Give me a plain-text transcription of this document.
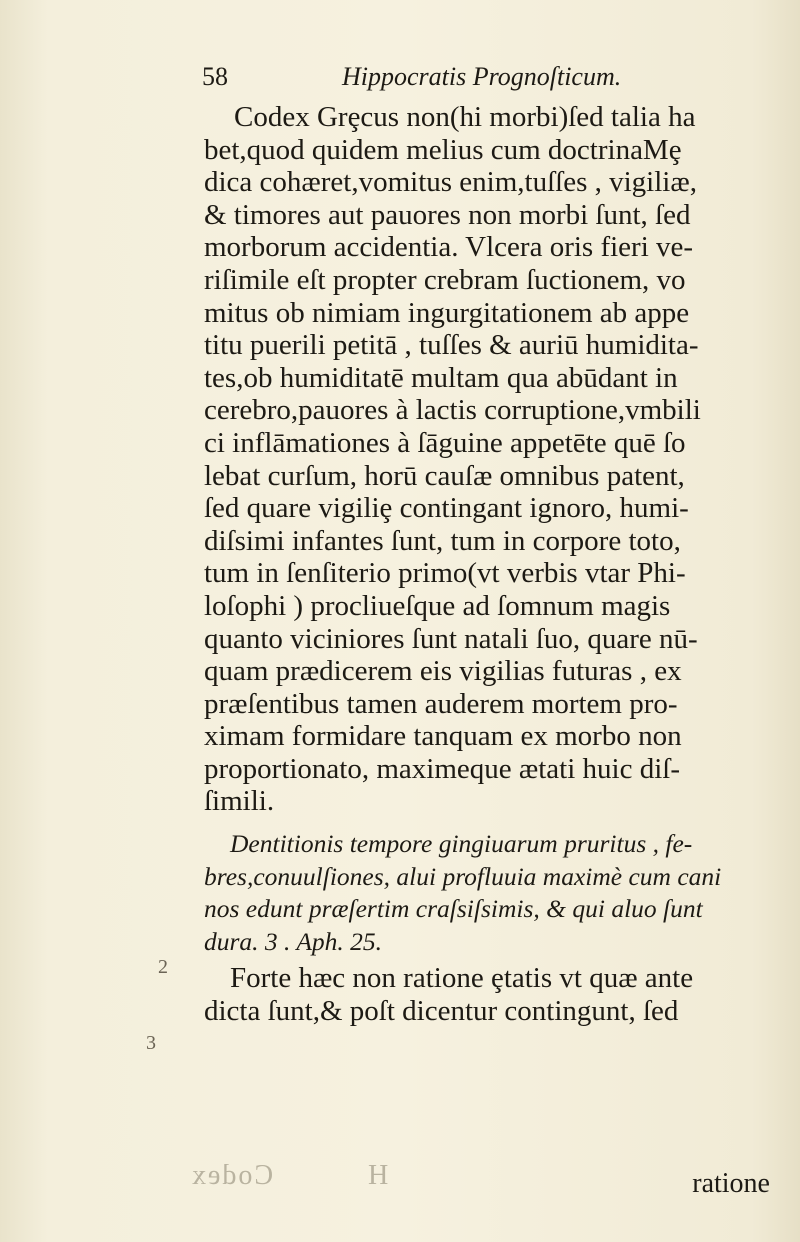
58	Hippocratis Prognoſticum.
Codex Grȩcus non(hi morbi)ſed talia ha
bet,quod quidem melius cum doctrinaMȩ
dica cohæret,vomitus enim,tuſſes , vigiliæ,
& timores aut pauores non morbi ſunt, ſed
morborum accidentia. Vlcera oris fieri ve-
riſimile eſt propter crebram ſuctionem, vo
mitus ob nimiam ingurgitationem ab appe
titu puerili petitā , tuſſes & auriū humidita-
tes,ob humiditatē multam qua abūdant in
cerebro,pauores à lactis corruptione,vmbili
ci inflāmationes à ſāguine appetēte quē ſo
lebat curſum, horū cauſæ omnibus patent,
ſed quare vigiliȩ contingant ignoro, humi-
diſsimi infantes ſunt, tum in corpore toto,
tum in ſenſiterio primo(vt verbis vtar Phi-
loſophi ) procliueſque ad ſomnum magis
quanto viciniores ſunt natali ſuo, quare nū-
quam prædicerem eis vigilias futuras , ex
præſentibus tamen auderem mortem pro-
ximam formidare tanquam ex morbo non
proportionato, maximeque ætati huic diſ-
ſimili.
Dentitionis tempore gingiuarum pruritus , fe-
bres,conuulſiones, alui profluuia maximè cum cani
nos edunt præſertim craſsiſsimis, & qui aluo ſunt
dura. 3 . Aph. 25.
Forte hæc non ratione ȩtatis vt quæ ante
dicta ſunt,& poſt dicentur contingunt, ſed
ratione
Codex	H
2
3
